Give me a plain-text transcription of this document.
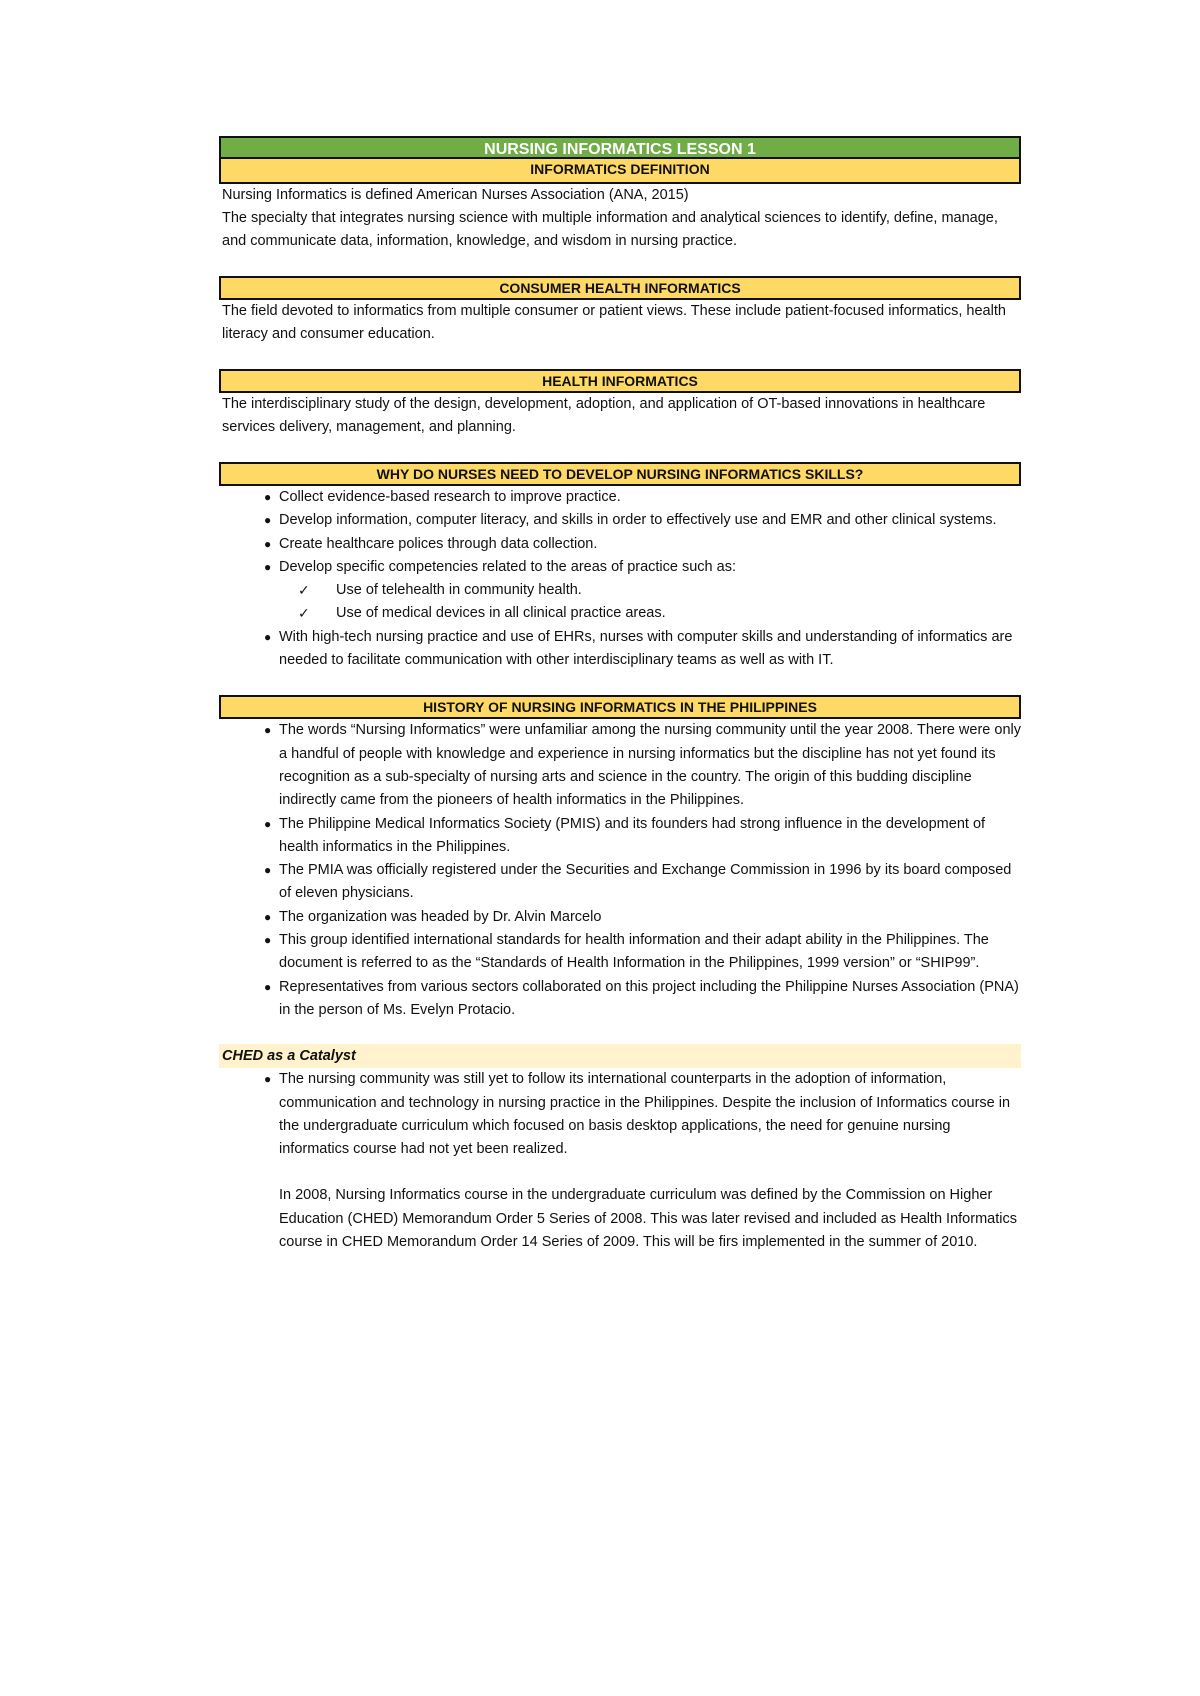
NURSING INFORMATICS LESSON 1
INFORMATICS DEFINITION

Nursing Informatics is defined American Nurses Association (ANA, 2015)

The specialty that integrates nursing science with multiple information and analytical sciences to identify, define, manage, and communicate data, information, knowledge, and wisdom in nursing practice.

CONSUMER HEALTH INFORMATICS

The field devoted to informatics from multiple consumer or patient views. These include patient-focused informatics, health literacy and consumer education.

HEALTH INFORMATICS

The interdisciplinary study of the design, development, adoption, and application of OT-based innovations in healthcare services delivery, management, and planning.

WHY DO NURSES NEED TO DEVELOP NURSING INFORMATICS SKILLS?
● Collect evidence-based research to improve practice.
● Develop information, computer literacy, and skills in order to effectively use and EMR and other clinical systems.
● Create healthcare polices through data collection.
● Develop specific competencies related to the areas of practice such as:
✓ Use of telehealth in community health.
✓ Use of medical devices in all clinical practice areas.
● With high-tech nursing practice and use of EHRs, nurses with computer skills and understanding of informatics are needed to facilitate communication with other interdisciplinary teams as well as with IT.
HISTORY OF NURSING INFORMATICS IN THE PHILIPPINES
● The words “Nursing Informatics” were unfamiliar among the nursing community until the year 2008. There were only a handful of people with knowledge and experience in nursing informatics but the discipline has not yet found its recognition as a sub-specialty of nursing arts and science in the country. The origin of this budding discipline indirectly came from the pioneers of health informatics in the Philippines.
● The Philippine Medical Informatics Society (PMIS) and its founders had strong influence in the development of health informatics in the Philippines.
● The PMIA was officially registered under the Securities and Exchange Commission in 1996 by its board composed of eleven physicians.
● The organization was headed by Dr. Alvin Marcelo
● This group identified international standards for health information and their adapt ability in the Philippines. The document is referred to as the “Standards of Health Information in the Philippines, 1999 version” or “SHIP99”.
● Representatives from various sectors collaborated on this project including the Philippine Nurses Association (PNA) in the person of Ms. Evelyn Protacio.
CHED as a Catalyst
● The nursing community was still yet to follow its international counterparts in the adoption of information, communication and technology in nursing practice in the Philippines. Despite the inclusion of Informatics course in the undergraduate curriculum which focused on basis desktop applications, the need for genuine nursing informatics course had not yet been realized.

In 2008, Nursing Informatics course in the undergraduate curriculum was defined by the Commission on Higher Education (CHED) Memorandum Order 5 Series of 2008. This was later revised and included as Health Informatics course in CHED Memorandum Order 14 Series of 2009. This will be firs implemented in the summer of 2010.
